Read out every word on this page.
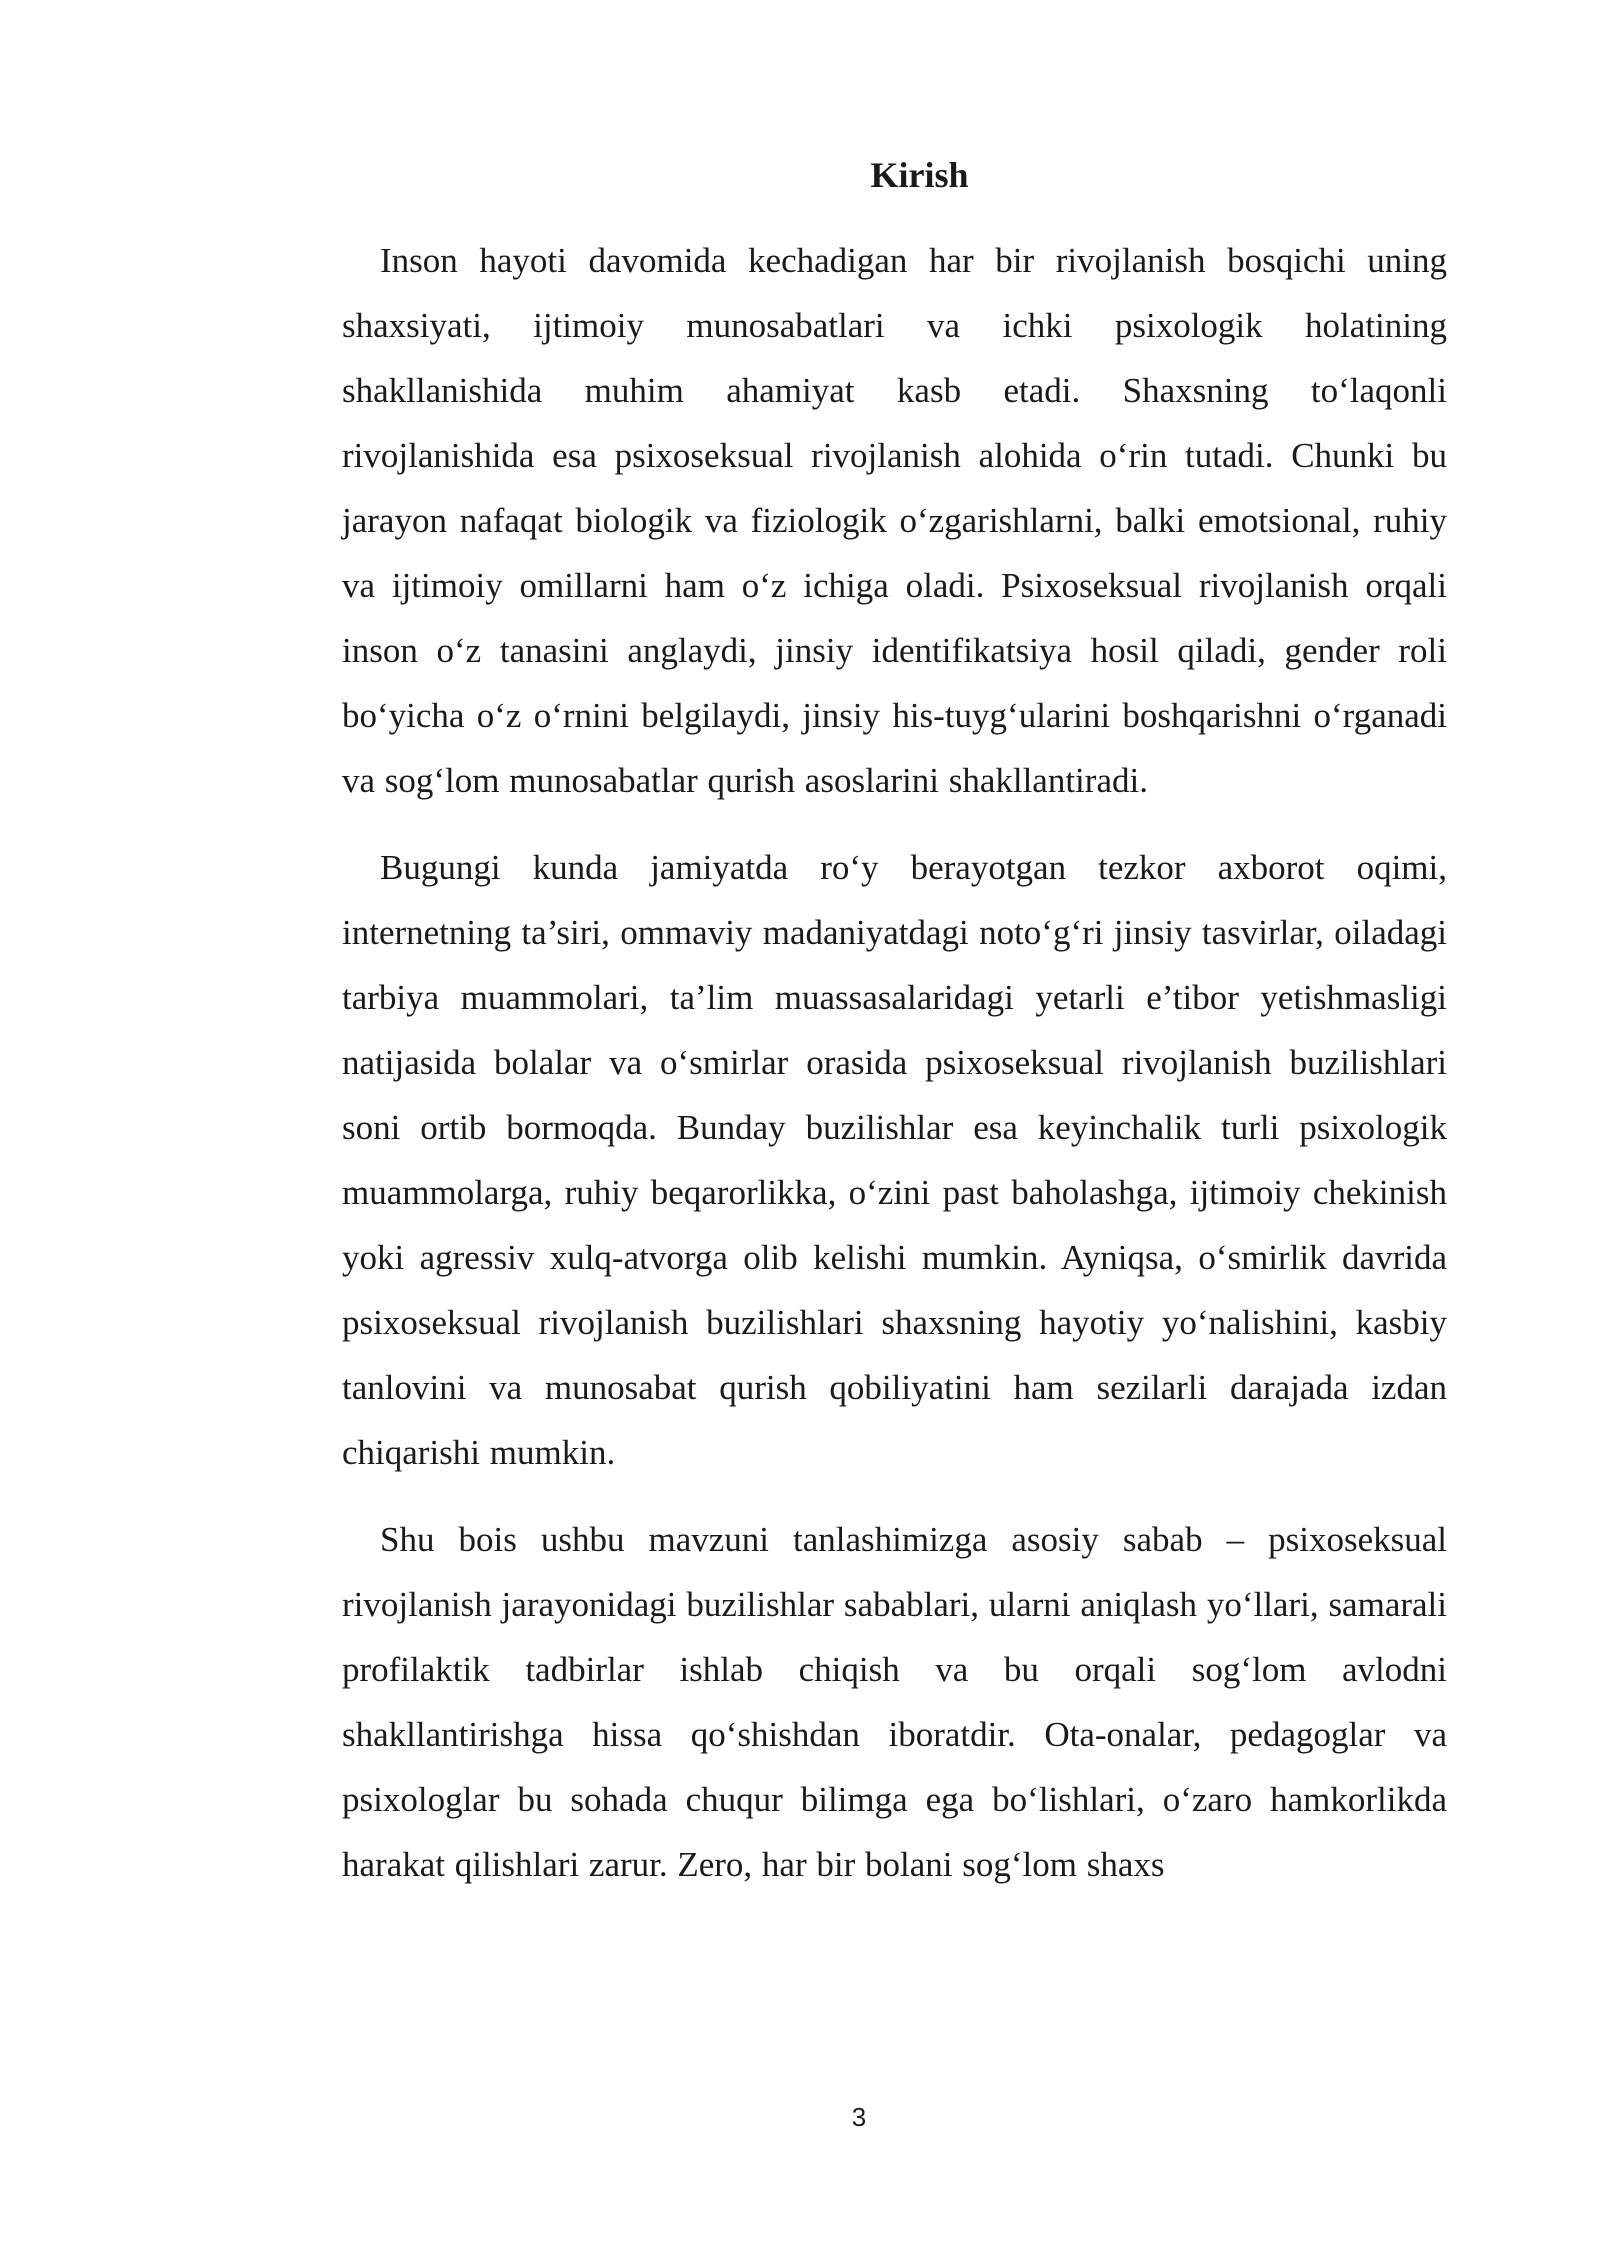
Kirish

Inson hayoti davomida kechadigan har bir rivojlanish bosqichi uning shaxsiyati, ijtimoiy munosabatlari va ichki psixologik holatining shakllanishida muhim ahamiyat kasb etadi. Shaxsning to‘laqonli rivojlanishida esa psixoseksual rivojlanish alohida o‘rin tutadi. Chunki bu jarayon nafaqat biologik va fiziologik o‘zgarishlarni, balki emotsional, ruhiy va ijtimoiy omillarni ham o‘z ichiga oladi. Psixoseksual rivojlanish orqali inson o‘z tanasini anglaydi, jinsiy identifikatsiya hosil qiladi, gender roli bo‘yicha o‘z o‘rnini belgilaydi, jinsiy his-tuyg‘ularini boshqarishni o‘rganadi va sog‘lom munosabatlar qurish asoslarini shakllantiradi.

Bugungi kunda jamiyatda ro‘y berayotgan tezkor axborot oqimi, internetning ta’siri, ommaviy madaniyatdagi noto‘g‘ri jinsiy tasvirlar, oiladagi tarbiya muammolari, ta’lim muassasalaridagi yetarli e’tibor yetishmasligi natijasida bolalar va o‘smirlar orasida psixoseksual rivojlanish buzilishlari soni ortib bormoqda. Bunday buzilishlar esa keyinchalik turli psixologik muammolarga, ruhiy beqarorlikka, o‘zini past baholashga, ijtimoiy chekinish yoki agressiv xulq-atvorga olib kelishi mumkin. Ayniqsa, o‘smirlik davrida psixoseksual rivojlanish buzilishlari shaxsning hayotiy yo‘nalishini, kasbiy tanlovini va munosabat qurish qobiliyatini ham sezilarli darajada izdan chiqarishi mumkin.

Shu bois ushbu mavzuni tanlashimizga asosiy sabab – psixoseksual rivojlanish jarayonidagi buzilishlar sabablari, ularni aniqlash yo‘llari, samarali profilaktik tadbirlar ishlab chiqish va bu orqali sog‘lom avlodni shakllantirishga hissa qo‘shishdan iboratdir. Ota-onalar, pedagoglar va psixologlar bu sohada chuqur bilimga ega bo‘lishlari, o‘zaro hamkorlikda harakat qilishlari zarur. Zero, har bir bolani sog‘lom shaxs

3
